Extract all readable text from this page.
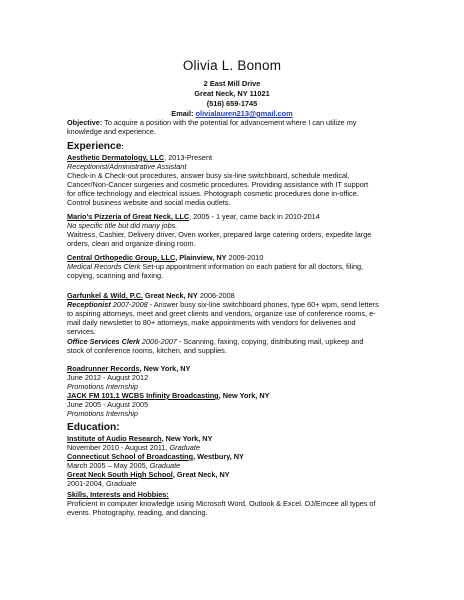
Olivia L. Bonom
2 East Mill Drive
Great Neck, NY 11021
(516) 659-1745
Email: olivialauren213@gmail.com
Objective: To acquire a position with the potential for advancement where I can utilize my
knowledge and experience.
Experience:
Aesthetic Dermatology, LLC, 2013-Present
Receptionist/Administrative Assistant
Check-in & Check-out procedures, answer busy six-line switchboard, schedule medical,
Cancer/Non-Cancer surgeries and cosmetic procedures. Providing assistance with IT support
for office technology and electrical issues. Photograph cosmetic procedures done in-office.
Control business website and social media outlets.
Mario's Pizzeria of Great Neck, LLC, 2005 - 1 year, came back in 2010-2014
No specific title but did many jobs.
Waitress, Cashier, Delivery driver, Oven worker, prepared large catering orders, expedite large
orders, clean and organize dining room.
Central Orthopedic Group, LLC, Plainview, NY 2009-2010
Medical Records Clerk Set-up appointment information on each patient for all doctors, filing,
copying, scanning and faxing.
Garfunkel & Wild, P.C. Great Neck, NY 2006-2008
Receptionist 2007-2008 - Answer busy six-line switchboard phones, type 60+ wpm, send letters
to aspiring attorneys, meet and greet clients and vendors, organize use of conference rooms, e-
mail daily newsletter to 80+ attorneys, make appointments with vendors for deliveries and
services.
Office Services Clerk 2006-2007 - Scanning, faxing, copying, distributing mail, upkeep and
stock of conference rooms, kitchen, and supplies.
Roadrunner Records, New York, NY
June 2012 - August 2012
Promotions Internship
JACK FM 101.1 WCBS Infinity Broadcasting, New York, NY
June 2005 - August 2005
Promotions Internship
Education:
Institute of Audio Research, New York, NY
November 2010 - August 2011, Graduate
Connecticut School of Broadcasting, Westbury, NY
March 2005 – May 2005, Graduate
Great Neck South High School, Great Neck, NY
2001-2004, Graduate
Skills, Interests and Hobbies:
Proficient in computer knowledge using Microsoft Word, Outlook & Excel. DJ/Emcee all types of
events. Photography, reading, and dancing.
